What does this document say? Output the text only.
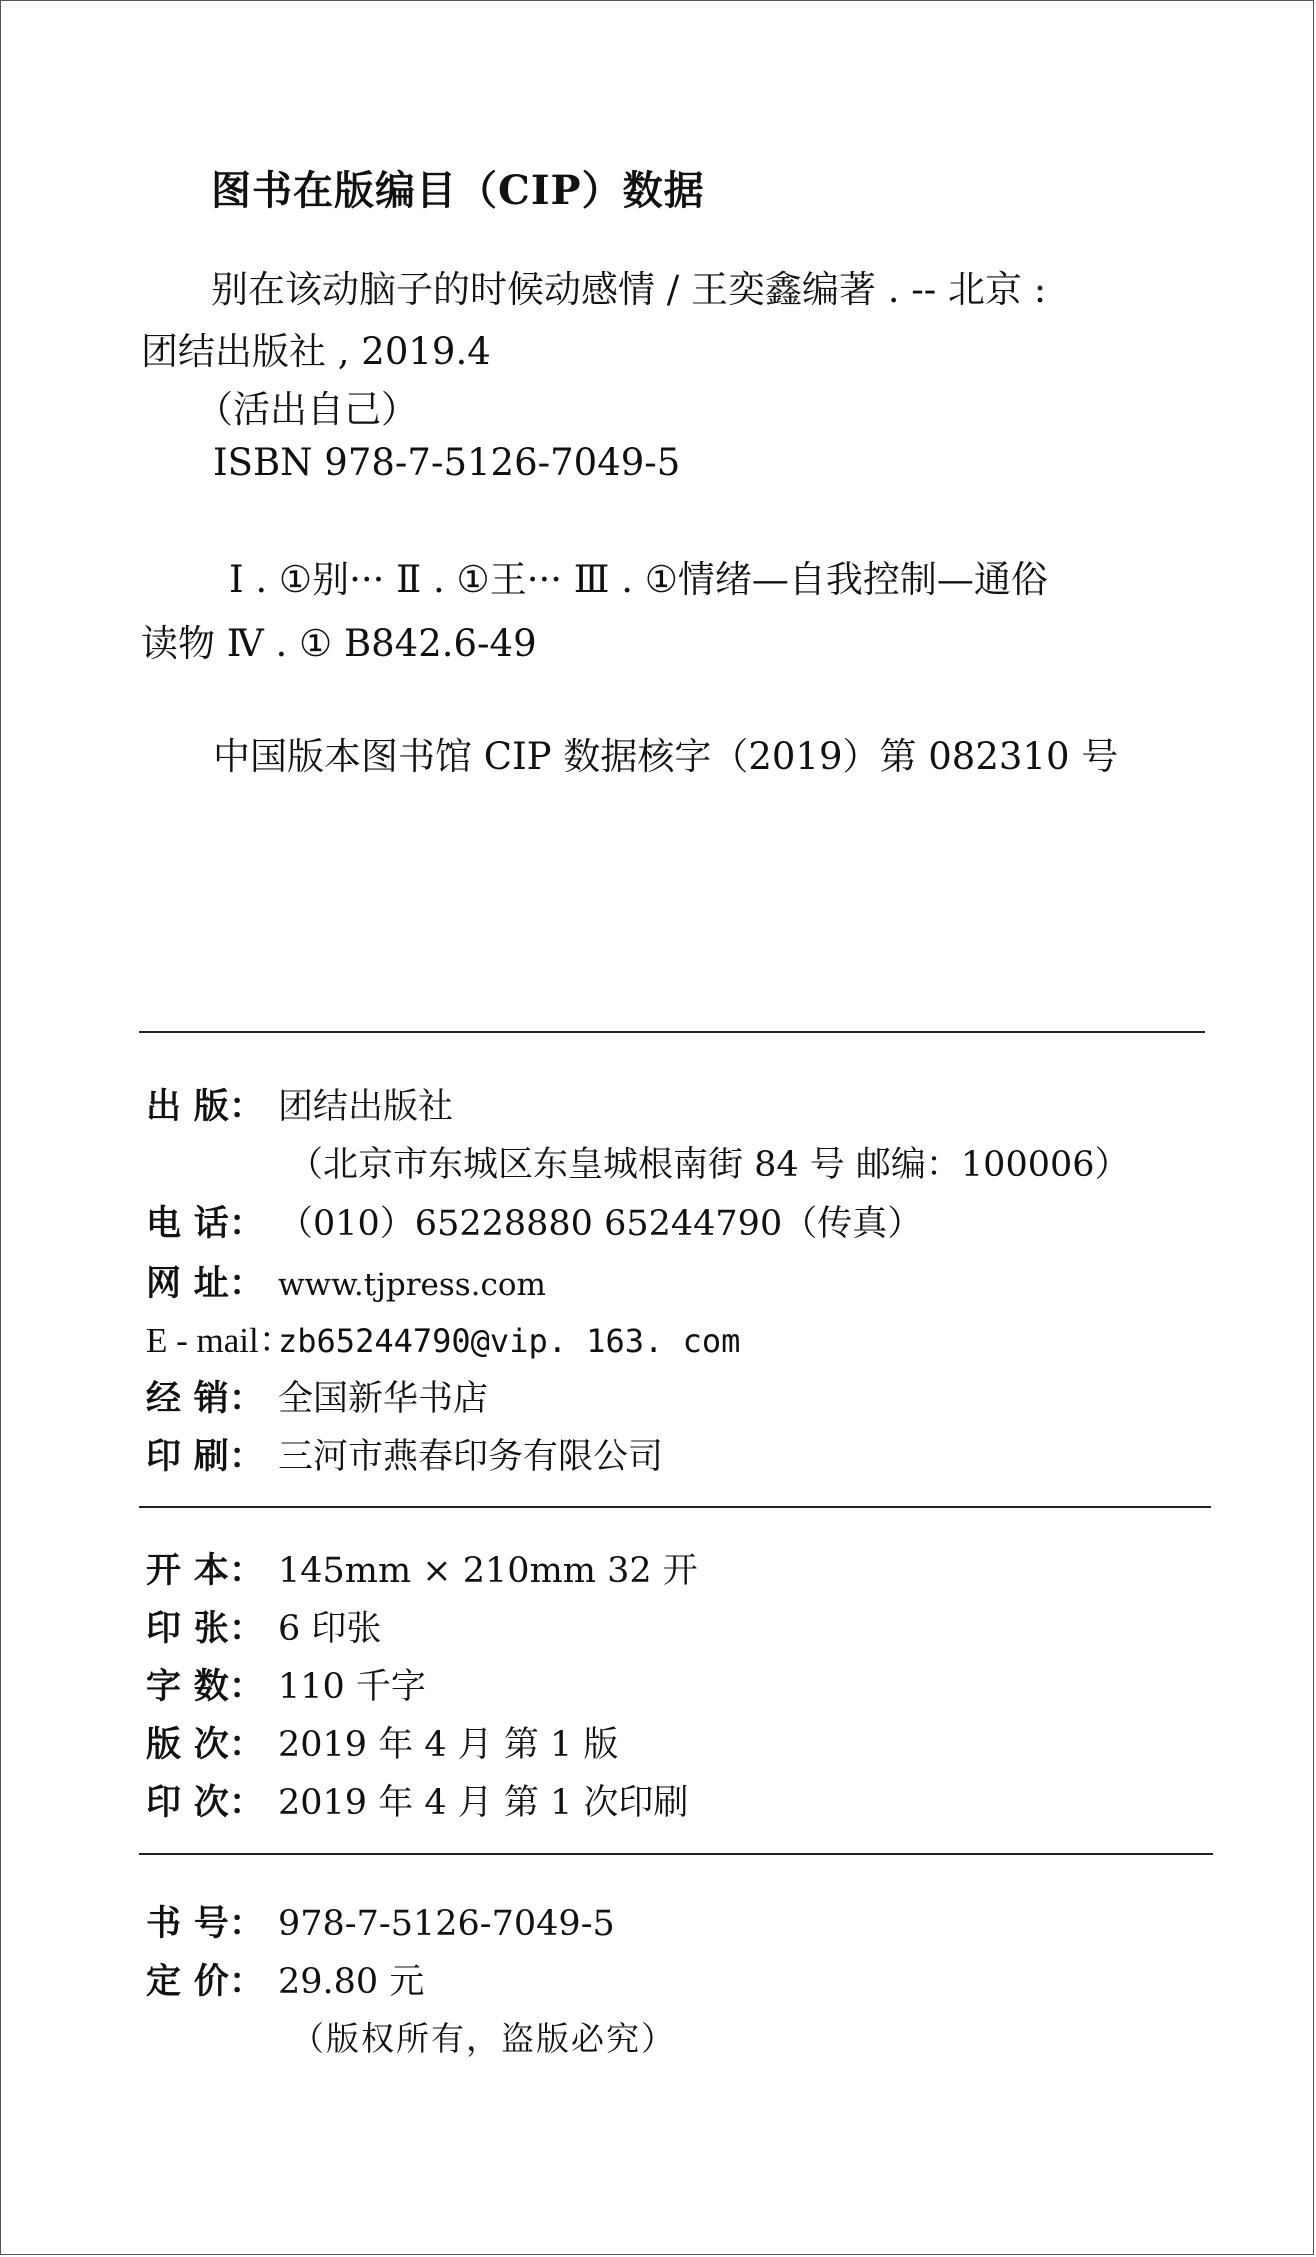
图书在版编目（CIP）数据
别在该动脑子的时候动感情 / 王奕鑫编著 . -- 北京 :
团结出版社 , 2019.4
（活出自己）
ISBN 978-7-5126-7049-5
Ⅰ . ①别··· Ⅱ . ①王··· Ⅲ . ①情绪—自我控制—通俗
读物 Ⅳ . ① B842.6-49
中国版本图书馆 CIP 数据核字（2019）第 082310 号
出 版： 团结出版社
（北京市东城区东皇城根南街 84 号 邮编：100006）
电 话： （010）65228880 65244790（传真）
网 址： www.tjpress.com
E - mail：zb65244790@vip. 163. com
经 销： 全国新华书店
印 刷： 三河市燕春印务有限公司
开 本： 145mm × 210mm 32 开
印 张： 6 印张
字 数： 110 千字
版 次： 2019 年 4 月 第 1 版
印 次： 2019 年 4 月 第 1 次印刷
书 号： 978-7-5126-7049-5
定 价： 29.80 元
（版权所有，盗版必究）
